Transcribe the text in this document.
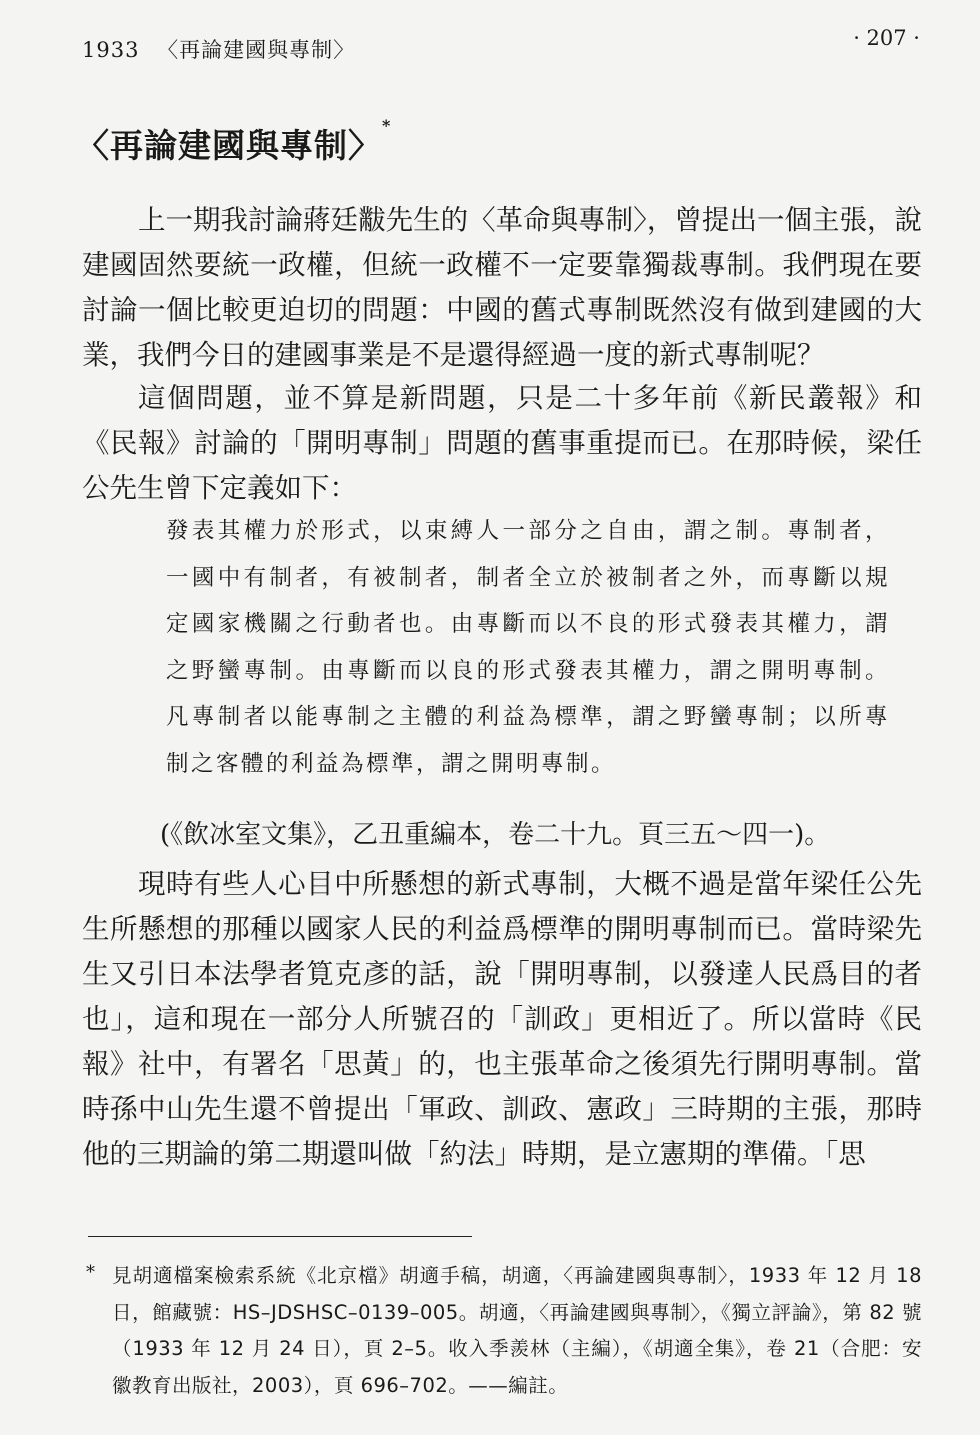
1933 〈再論建國與專制〉	· 207 ·
〈再論建國與專制〉*

上一期我討論蔣廷黻先生的〈革命與專制〉，曾提出一個主張，說建國固然要統一政權，但統一政權不一定要靠獨裁專制。我們現在要討論一個比較更迫切的問題：中國的舊式專制既然沒有做到建國的大業，我們今日的建國事業是不是還得經過一度的新式專制呢？

這個問題，並不算是新問題，只是二十多年前《新民叢報》和《民報》討論的「開明專制」問題的舊事重提而已。在那時候，梁任公先生曾下定義如下：

發表其權力於形式，以束縛人一部分之自由，謂之制。專制者，一國中有制者，有被制者，制者全立於被制者之外，而專斷以規定國家機關之行動者也。由專斷而以不良的形式發表其權力，謂之野蠻專制。由專斷而以良的形式發表其權力，謂之開明專制。凡專制者以能專制之主體的利益為標準，謂之野蠻專制；以所專制之客體的利益為標準，謂之開明專制。

(《飲冰室文集》，乙丑重編本，卷二十九。頁三五～四一)。

現時有些人心目中所懸想的新式專制，大概不過是當年梁任公先生所懸想的那種以國家人民的利益爲標準的開明專制而已。當時梁先生又引日本法學者筧克彥的話，說「開明專制，以發達人民爲目的者也」，這和現在一部分人所號召的「訓政」更相近了。所以當時《民報》社中，有署名「思黃」的，也主張革命之後須先行開明專制。當時孫中山先生還不曾提出「軍政、訓政、憲政」三時期的主張，那時他的三期論的第二期還叫做「約法」時期，是立憲期的準備。「思

* 見胡適檔案檢索系統《北京檔》胡適手稿，胡適，〈再論建國與專制〉，1933 年 12 月 18 日，館藏號：HS–JDSHSC–0139–005。胡適，〈再論建國與專制〉，《獨立評論》，第 82 號（1933 年 12 月 24 日），頁 2–5。收入季羨林（主編），《胡適全集》，卷 21（合肥：安徽教育出版社，2003），頁 696–702。——編註。
